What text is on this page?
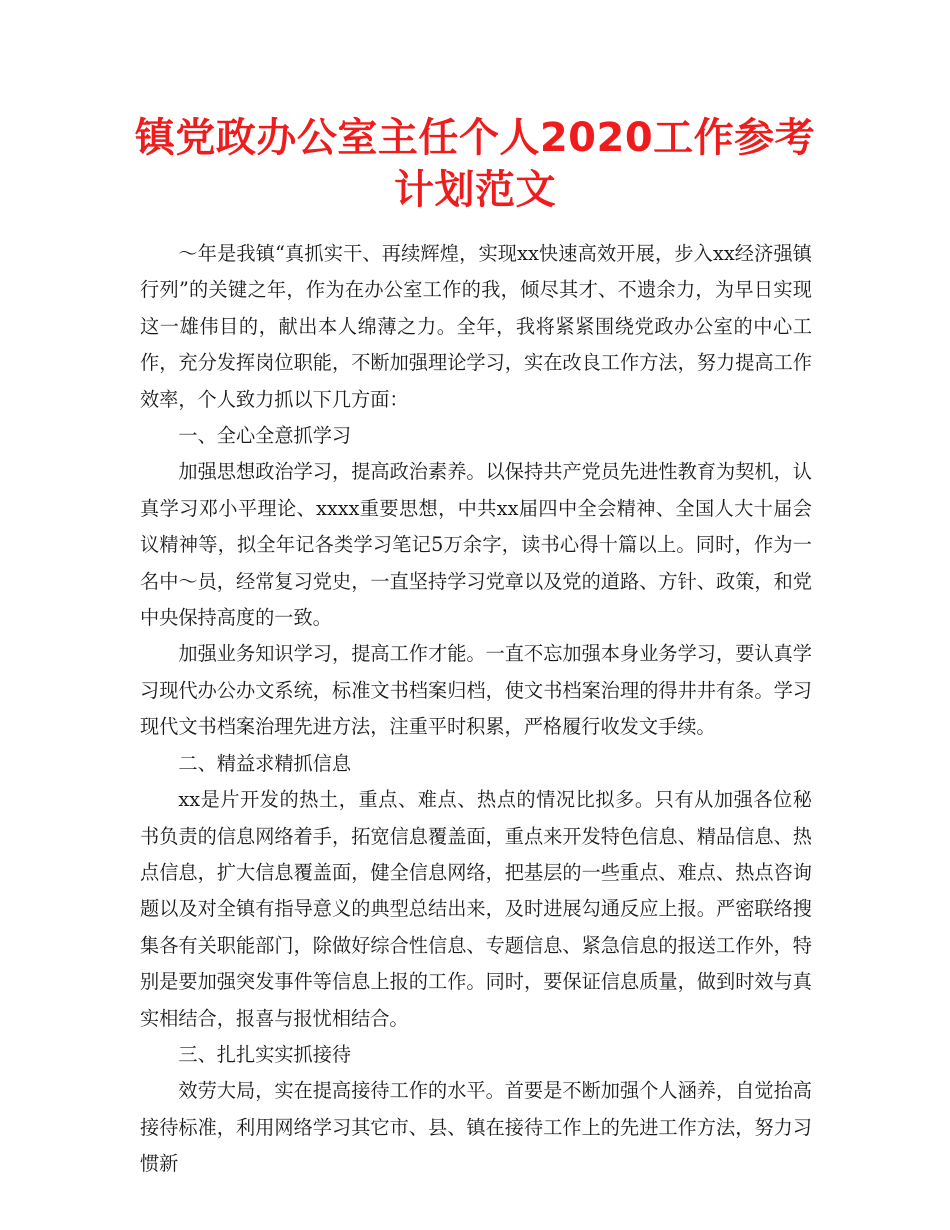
镇党政办公室主任个人2020工作参考计划范文

～年是我镇“真抓实干、再续辉煌，实现xx快速高效开展，步入xx经济强镇行列”的关键之年，作为在办公室工作的我，倾尽其才、不遗余力，为早日实现这一雄伟目的，献出本人绵薄之力。全年，我将紧紧围绕党政办公室的中心工作，充分发挥岗位职能，不断加强理论学习，实在改良工作方法，努力提高工作效率，个人致力抓以下几方面：

一、全心全意抓学习

加强思想政治学习，提高政治素养。以保持共产党员先进性教育为契机，认真学习邓小平理论、xxxx重要思想，中共xx届四中全会精神、全国人大十届会议精神等，拟全年记各类学习笔记5万余字，读书心得十篇以上。同时，作为一名中～员，经常复习党史，一直坚持学习党章以及党的道路、方针、政策，和党中央保持高度的一致。

加强业务知识学习，提高工作才能。一直不忘加强本身业务学习，要认真学习现代办公办文系统，标准文书档案归档，使文书档案治理的得井井有条。学习现代文书档案治理先进方法，注重平时积累，严格履行收发文手续。

二、精益求精抓信息

xx是片开发的热土，重点、难点、热点的情况比拟多。只有从加强各位秘书负责的信息网络着手，拓宽信息覆盖面，重点来开发特色信息、精品信息、热点信息，扩大信息覆盖面，健全信息网络，把基层的一些重点、难点、热点咨询题以及对全镇有指导意义的典型总结出来，及时进展勾通反应上报。严密联络搜集各有关职能部门，除做好综合性信息、专题信息、紧急信息的报送工作外，特别是要加强突发事件等信息上报的工作。同时，要保证信息质量，做到时效与真实相结合，报喜与报忧相结合。

三、扎扎实实抓接待

效劳大局，实在提高接待工作的水平。首要是不断加强个人涵养，自觉抬高接待标准，利用网络学习其它市、县、镇在接待工作上的先进工作方法，努力习惯新
